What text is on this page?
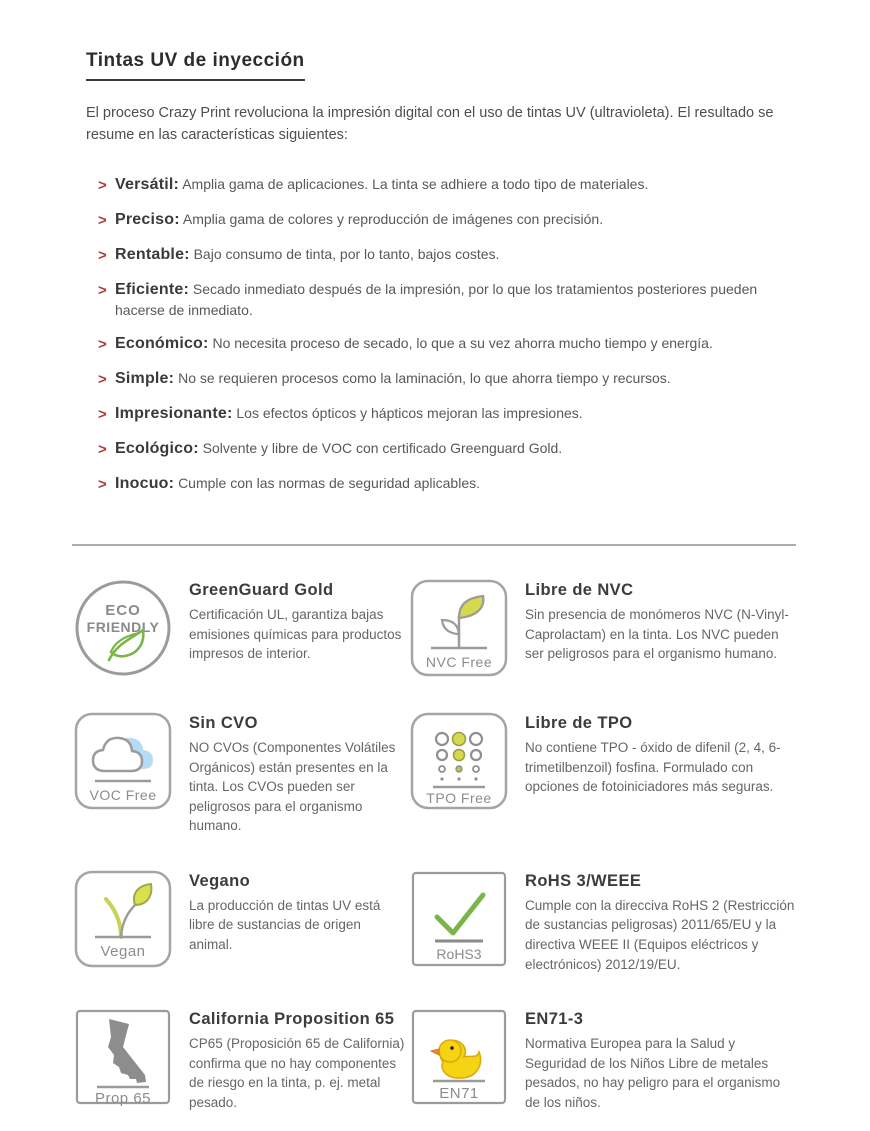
Tintas UV de inyección

El proceso Crazy Print revoluciona la impresión digital con el uso de tintas UV (ultravioleta). El resultado se resume en las características siguientes:

> Versátil: Amplia gama de aplicaciones. La tinta se adhiere a todo tipo de materiales.
> Preciso: Amplia gama de colores y reproducción de imágenes con precisión.
> Rentable: Bajo consumo de tinta, por lo tanto, bajos costes.
> Eficiente: Secado inmediato después de la impresión, por lo que los tratamientos posteriores pueden hacerse de inmediato.
> Económico: No necesita proceso de secado, lo que a su vez ahorra mucho tiempo y energía.
> Simple: No se requieren procesos como la laminación, lo que ahorra tiempo y recursos.
> Impresionante: Los efectos ópticos y hápticos mejoran las impresiones.
> Ecológico: Solvente y libre de VOC con certificado Greenguard Gold.
> Inocuo: Cumple con las normas de seguridad aplicables.
ECO
FRIENDLY
GreenGuard Gold
Certificación UL, garantiza bajas emisiones químicas para productos impresos de interior.
NVC Free
Libre de NVC
Sin presencia de monómeros NVC (N-Vinyl-Caprolactam) en la tinta. Los NVC pueden ser peligrosos para el organismo humano.
VOC Free
Sin CVO
NO CVOs (Componentes Volátiles Orgánicos) están presentes en la tinta. Los CVOs pueden ser peligrosos para el organismo humano.
TPO Free
Libre de TPO
No contiene TPO - óxido de difenil (2, 4, 6-trimetilbenzoil) fosfina. Formulado con opciones de fotoiniciadores más seguras.
Vegan
Vegano
La producción de tintas UV está libre de sustancias de origen animal.
RoHS3
RoHS 3/WEEE
Cumple con la direcciva RoHS 2 (Restricción de sustancias peligrosas) 2011/65/EU y la directiva WEEE II (Equipos eléctricos y electrónicos) 2012/19/EU.
Prop 65
California Proposition 65
CP65 (Proposición 65 de California) confirma que no hay componentes de riesgo en la tinta, p. ej. metal pesado.
EN71
EN71-3
Normativa Europea para la Salud y Seguridad de los Niños Libre de metales pesados, no hay peligro para el organismo de los niños.
